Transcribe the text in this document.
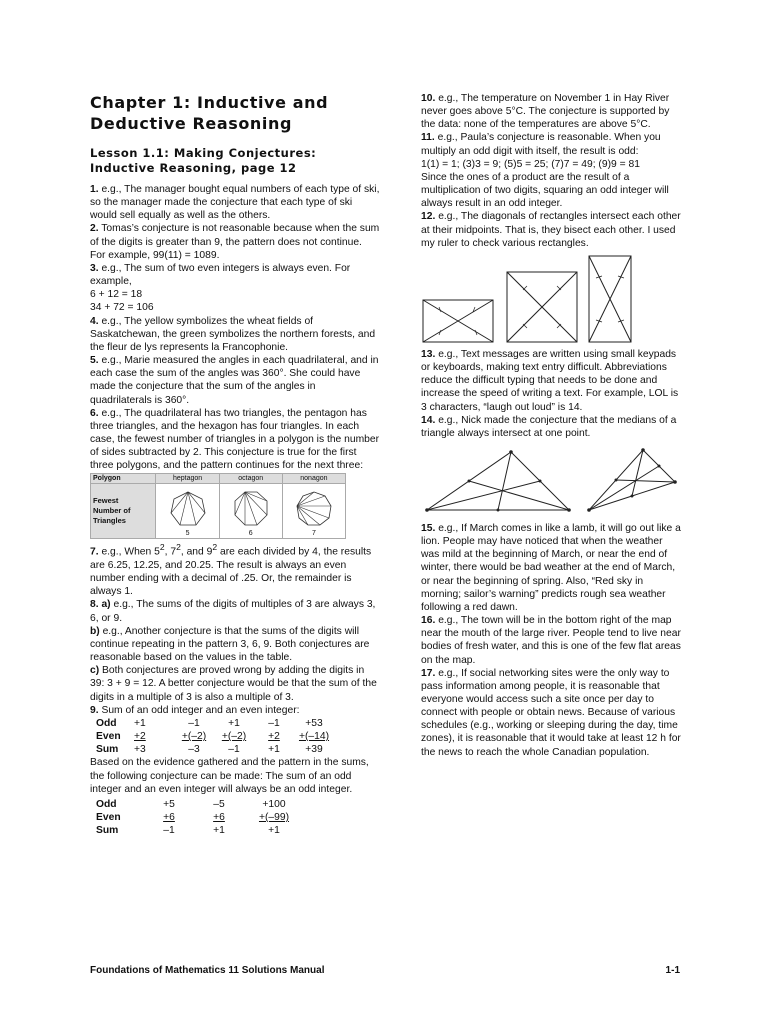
Chapter 1: Inductive and
Deductive Reasoning
Lesson 1.1: Making Conjectures:
Inductive Reasoning, page 12

1. e.g., The manager bought equal numbers of each type of ski, so the manager made the conjecture that each type of ski would sell equally as well as the others.

2. Tomas’s conjecture is not reasonable because when the sum of the digits is greater than 9, the pattern does not continue. For example, 99(11) = 1089.

3. e.g., The sum of two even integers is always even. For example,
6 + 12 = 18
34 + 72 = 106

4. e.g., The yellow symbolizes the wheat fields of Saskatchewan, the green symbolizes the northern forests, and the fleur de lys represents la Francophonie.

5. e.g., Marie measured the angles in each quadrilateral, and in each case the sum of the angles was 360°. She could have made the conjecture that the sum of the angles in quadrilaterals is 360°.

6. e.g., The quadrilateral has two triangles, the pentagon has three triangles, and the hexagon has four triangles. In each case, the fewest number of triangles in a polygon is the number of sides subtracted by 2. This conjecture is true for the first three polygons, and the pattern continues for the next three:

Polygon	heptagon	octagon	nonagon
Fewest
Number of
Triangles	5	6	7

7. e.g., When $5^2$, $7^2$, and $9^2$ are each divided by 4, the results are 6.25, 12.25, and 20.25. The result is always an even number ending with a decimal of .25. Or, the remainder is always 1.

8. a) e.g., The sums of the digits of multiples of 3 are always 3, 6, or 9.

b) e.g., Another conjecture is that the sums of the digits will continue repeating in the pattern 3, 6, 9. Both conjectures are reasonable based on the values in the table.

c) Both conjectures are proved wrong by adding the digits in 39: 3 + 9 = 12. A better conjecture would be that the sum of the digits in a multiple of 3 is also a multiple of 3.

9. Sum of an odd integer and an even integer:

Odd	+1	–1	+1	–1	+53
Even	+2	+(–2)	+(–2)	+2	+(–14)
Sum	+3	–3	–1	+1	+39

Based on the evidence gathered and the pattern in the sums, the following conjecture can be made: The sum of an odd integer and an even integer will always be an odd integer.

Odd	+5	–5	+100
Even	+6	+6	+(–99)
Sum	–1	+1	+1

10. e.g., The temperature on November 1 in Hay River never goes above 5°C. The conjecture is supported by the data: none of the temperatures are above 5°C.

11. e.g., Paula’s conjecture is reasonable. When you multiply an odd digit with itself, the result is odd:
1(1) = 1; (3)3 = 9; (5)5 = 25; (7)7 = 49; (9)9 = 81
Since the ones of a product are the result of a multiplication of two digits, squaring an odd integer will always result in an odd integer.

12. e.g., The diagonals of rectangles intersect each other at their midpoints. That is, they bisect each other. I used my ruler to check various rectangles.

13. e.g., Text messages are written using small keypads or keyboards, making text entry difficult. Abbreviations reduce the difficult typing that needs to be done and increase the speed of writing a text. For example, LOL is 3 characters, “laugh out loud” is 14.

14. e.g., Nick made the conjecture that the medians of a triangle always intersect at one point.

15. e.g., If March comes in like a lamb, it will go out like a lion. People may have noticed that when the weather was mild at the beginning of March, or near the end of winter, there would be bad weather at the end of March, or near the beginning of spring. Also, “Red sky in morning; sailor’s warning” predicts rough sea weather following a red dawn.

16. e.g., The town will be in the bottom right of the map near the mouth of the large river. People tend to live near bodies of fresh water, and this is one of the few flat areas on the map.

17. e.g., If social networking sites were the only way to pass information among people, it is reasonable that everyone would access such a site once per day to connect with people or obtain news. Because of various schedules (e.g., working or sleeping during the day, time zones), it is reasonable that it would take at least 12 h for the news to reach the whole Canadian population.

Foundations of Mathematics 11 Solutions Manual	1-1
